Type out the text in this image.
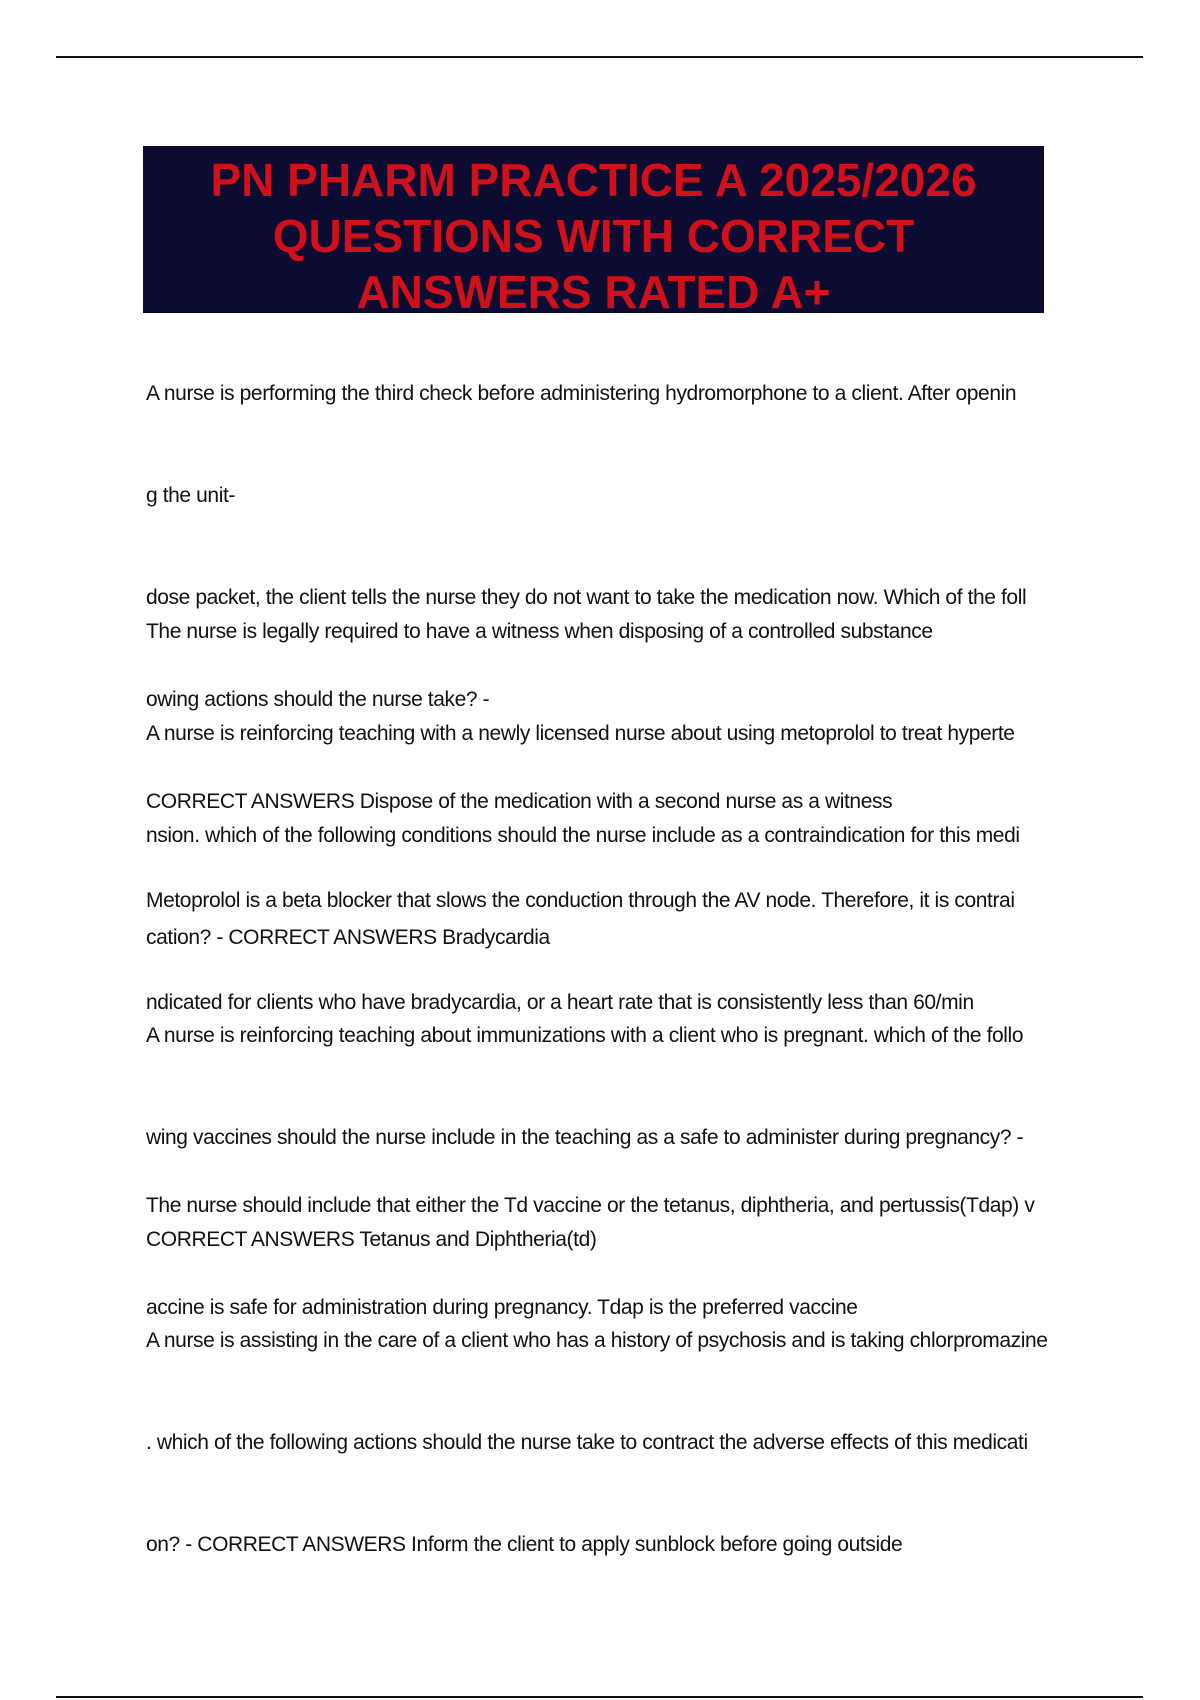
PN PHARM PRACTICE A 2025/2026 QUESTIONS WITH CORRECT ANSWERS RATED A+

A nurse is performing the third check before administering hydromorphone to a client. After openin

g the unit-

dose packet, the client tells the nurse they do not want to take the medication now. Which of the foll

owing actions should the nurse take? -

CORRECT ANSWERS Dispose of the medication with a second nurse as a witness

The nurse is legally required to have a witness when disposing of a controlled substance

A nurse is reinforcing teaching with a newly licensed nurse about using metoprolol to treat hyperte

nsion. which of the following conditions should the nurse include as a contraindication for this medi

cation? - CORRECT ANSWERS Bradycardia

Metoprolol is a beta blocker that slows the conduction through the AV node. Therefore, it is contrai

ndicated for clients who have bradycardia, or a heart rate that is consistently less than 60/min

A nurse is reinforcing teaching about immunizations with a client who is pregnant. which of the follo

wing vaccines should the nurse include in the teaching as a safe to administer during pregnancy? -

CORRECT ANSWERS Tetanus and Diphtheria(td)

The nurse should include that either the Td vaccine or the tetanus, diphtheria, and pertussis(Tdap) v

accine is safe for administration during pregnancy. Tdap is the preferred vaccine

A nurse is assisting in the care of a client who has a history of psychosis and is taking chlorpromazine

. which of the following actions should the nurse take to contract the adverse effects of this medicati

on? - CORRECT ANSWERS Inform the client to apply sunblock before going outside
